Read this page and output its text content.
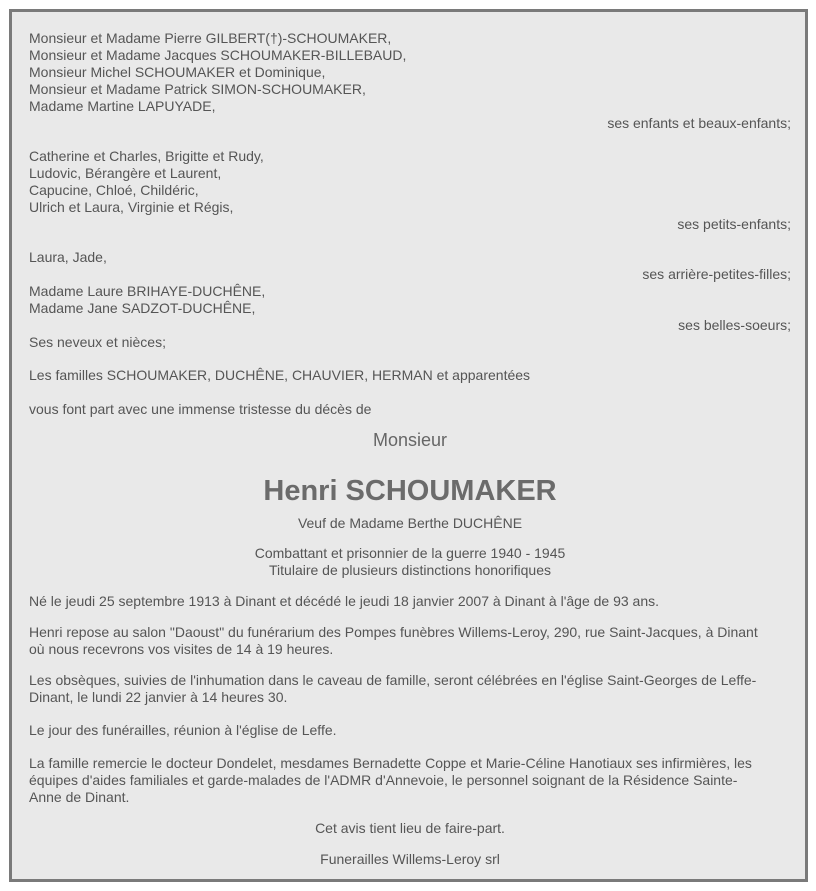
Monsieur et Madame Pierre GILBERT(†)-SCHOUMAKER,
Monsieur et Madame Jacques SCHOUMAKER-BILLEBAUD,
Monsieur Michel SCHOUMAKER et Dominique,
Monsieur et Madame Patrick SIMON-SCHOUMAKER,
Madame Martine LAPUYADE,
ses enfants et beaux-enfants;
Catherine et Charles, Brigitte et Rudy,
Ludovic, Bérangère et Laurent,
Capucine, Chloé, Childéric,
Ulrich et Laura, Virginie et Régis,
ses petits-enfants;
Laura, Jade,
ses arrière-petites-filles;
Madame Laure BRIHAYE-DUCHÊNE,
Madame Jane SADZOT-DUCHÊNE,
ses belles-soeurs;
Ses neveux et nièces;
Les familles SCHOUMAKER, DUCHÊNE, CHAUVIER, HERMAN et apparentées
vous font part avec une immense tristesse du décès de
Monsieur
Henri SCHOUMAKER
Veuf de Madame Berthe DUCHÊNE
Combattant et prisonnier de la guerre 1940 - 1945
Titulaire de plusieurs distinctions honorifiques
Né le jeudi 25 septembre 1913 à Dinant et décédé le jeudi 18 janvier 2007 à Dinant à l'âge de 93 ans.
Henri repose au salon "Daoust" du funérarium des Pompes funèbres Willems-Leroy, 290, rue Saint-Jacques, à Dinant
où nous recevrons vos visites de 14 à 19 heures.
Les obsèques, suivies de l'inhumation dans le caveau de famille, seront célébrées en l'église Saint-Georges de Leffe-
Dinant, le lundi 22 janvier à 14 heures 30.
Le jour des funérailles, réunion à l'église de Leffe.
La famille remercie le docteur Dondelet, mesdames Bernadette Coppe et Marie-Céline Hanotiaux ses infirmières, les
équipes d'aides familiales et garde-malades de l'ADMR d'Annevoie, le personnel soignant de la Résidence Sainte-
Anne de Dinant.
Cet avis tient lieu de faire-part.
Funerailles Willems-Leroy srl
